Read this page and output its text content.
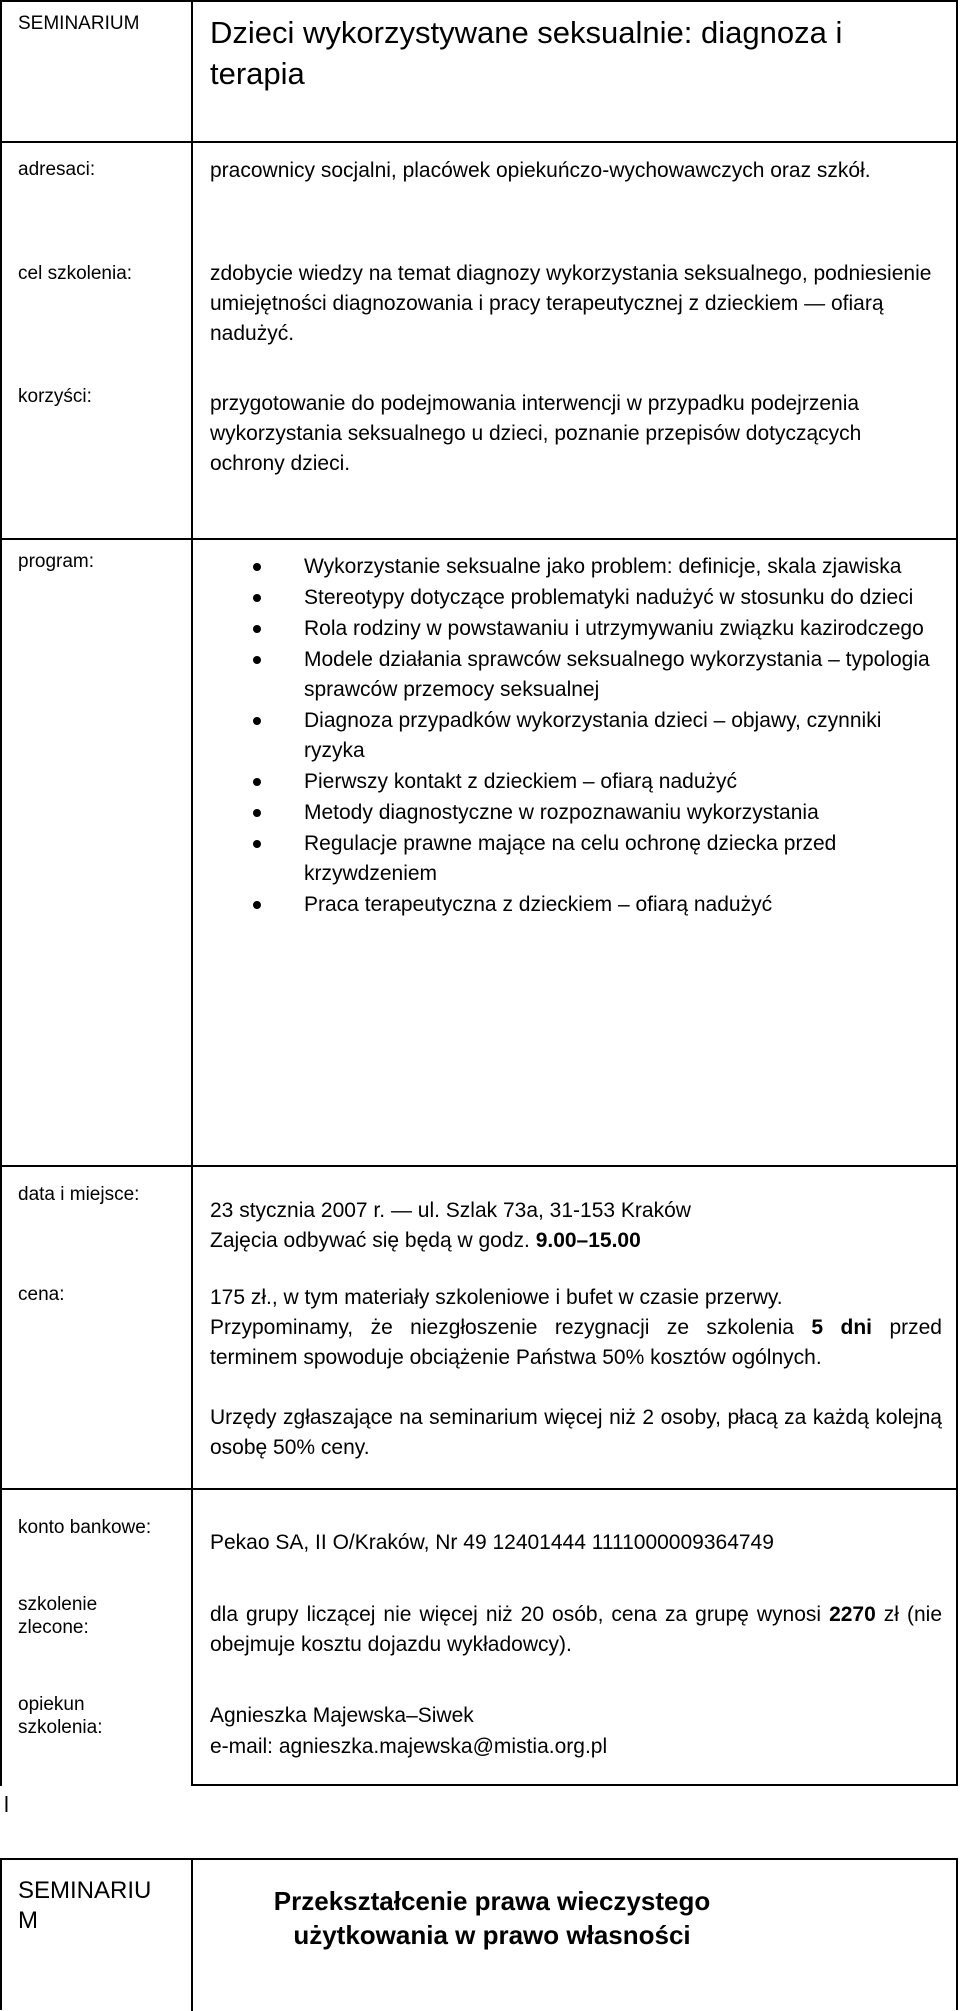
SEMINARIUM Dzieci wykorzystywane seksualnie: diagnoza i terapia
adresaci:	pracownicy socjalni, placówek opiekuńczo-wychowawczych oraz szkół.
cel szkolenia:	zdobycie wiedzy na temat diagnozy wykorzystania seksualnego, podniesienie umiejętności diagnozowania i pracy terapeutycznej z dzieckiem — ofiarą nadużyć.
korzyści:	przygotowanie do podejmowania interwencji w przypadku podejrzenia wykorzystania seksualnego u dzieci, poznanie przepisów dotyczących ochrony dzieci.
program:	Wykorzystanie seksualne jako problem: definicje, skala zjawiska
Stereotypy dotyczące problematyki nadużyć w stosunku do dzieci
Rola rodziny w powstawaniu i utrzymywaniu związku kazirodczego
Modele działania sprawców seksualnego wykorzystania – typologia sprawców przemocy seksualnej
Diagnoza przypadków wykorzystania dzieci – objawy, czynniki ryzyka
Pierwszy kontakt z dzieckiem – ofiarą nadużyć
Metody diagnostyczne w rozpoznawaniu wykorzystania
Regulacje prawne mające na celu ochronę dziecka przed krzywdzeniem
Praca terapeutyczna z dzieckiem – ofiarą nadużyć
data i miejsce:
23 stycznia 2007 r. — ul. Szlak 73a, 31-153 Kraków
Zajęcia odbywać się będą w godz. 9.00–15.00
cena:	175 zł., w tym materiały szkoleniowe i bufet w czasie przerwy.
Przypominamy, że niezgłoszenie rezygnacji ze szkolenia 5 dni przed terminem spowoduje obciążenie Państwa 50% kosztów ogólnych.
Urzędy zgłaszające na seminarium więcej niż 2 osoby, płacą za każdą kolejną osobę 50% ceny.
konto bankowe:
Pekao SA, II O/Kraków, Nr 49 12401444 1111000009364749
szkolenie zlecone:
dla grupy liczącej nie więcej niż 20 osób, cena za grupę wynosi 2270 zł (nie obejmuje kosztu dojazdu wykładowcy).
opiekun szkolenia:
Agnieszka Majewska–Siwek
e-mail: agnieszka.majewska@mistia.org.pl
l
SEMINARIUM
Przekształcenie prawa wieczystego użytkowania w prawo własności
